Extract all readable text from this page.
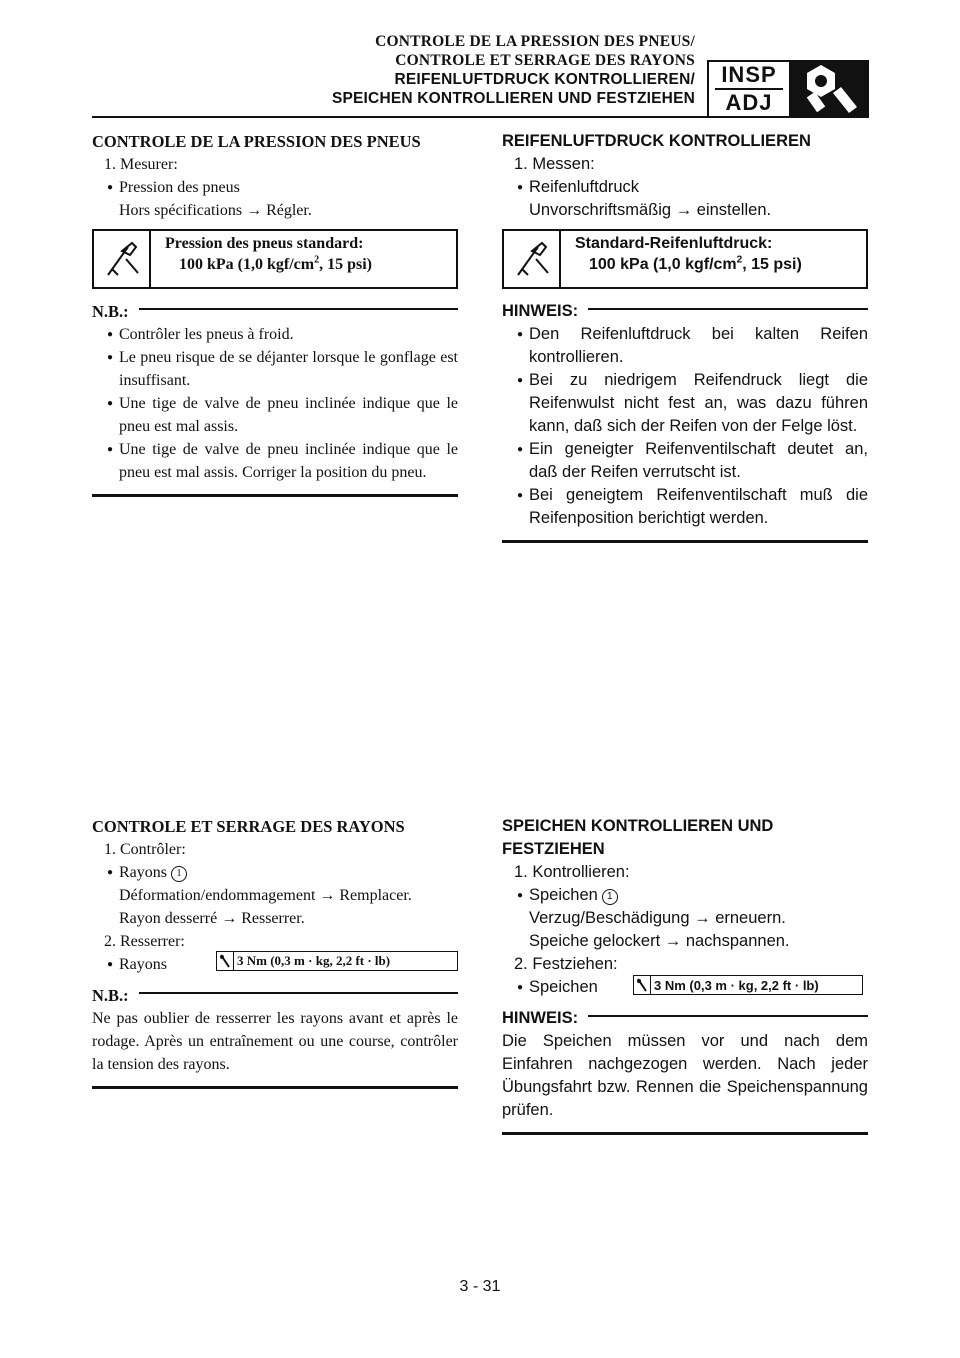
CONTROLE DE LA PRESSION DES PNEUS/
CONTROLE ET SERRAGE DES RAYONS
REIFENLUFTDRUCK KONTROLLIEREN/
SPEICHEN KONTROLLIEREN UND FESTZIEHEN
INSP
ADJ
CONTROLE DE LA PRESSION DES PNEUS
1. Mesurer:
● Pression des pneus
Hors spécifications → Régler.
Pression des pneus standard:
100 kPa (1,0 kgf/$cm^2$, 15 psi)
N.B.:
● Contrôler les pneus à froid.
● Le pneu risque de se déjanter lorsque le gonflage est insuffisant.
● Une tige de valve de pneu inclinée indique que le pneu est mal assis.
● Une tige de valve de pneu inclinée indique que le pneu est mal assis. Corriger la position du pneu.
REIFENLUFTDRUCK KONTROLLIEREN
1. Messen:
● Reifenluftdruck
Unvorschriftsmäßig → einstellen.
Standard-Reifenluftdruck:
100 kPa (1,0 kgf/$cm^2$, 15 psi)
HINWEIS:
● Den Reifenluftdruck bei kalten Reifen kontrollieren.
● Bei zu niedrigem Reifendruck liegt die Reifenwulst nicht fest an, was dazu führen kann, daß sich der Reifen von der Felge löst.
● Ein geneigter Reifenventilschaft deutet an, daß der Reifen verrutscht ist.
● Bei geneigtem Reifenventilschaft muß die Reifenposition berichtigt werden.
CONTROLE ET SERRAGE DES RAYONS
1. Contrôler:
● Rayons 1
Déformation/endommagement → Remplacer.
Rayon desserré → Resserrer.
2. Resserrer:
● Rayons
N.B.:
Ne pas oublier de resserrer les rayons avant et après le rodage. Après un entraînement ou une course, contrôler la tension des rayons.
3 Nm (0,3 m · kg, 2,2 ft · lb)
SPEICHEN KONTROLLIEREN UND
FESTZIEHEN
1. Kontrollieren:
● Speichen 1
Verzug/Beschädigung → erneuern.
Speiche gelockert → nachspannen.
2. Festziehen:
● Speichen
HINWEIS:
Die Speichen müssen vor und nach dem Einfahren nachgezogen werden. Nach jeder Übungsfahrt bzw. Rennen die Speichenspannung prüfen.
3 Nm (0,3 m · kg, 2,2 ft · lb)
3 - 31
